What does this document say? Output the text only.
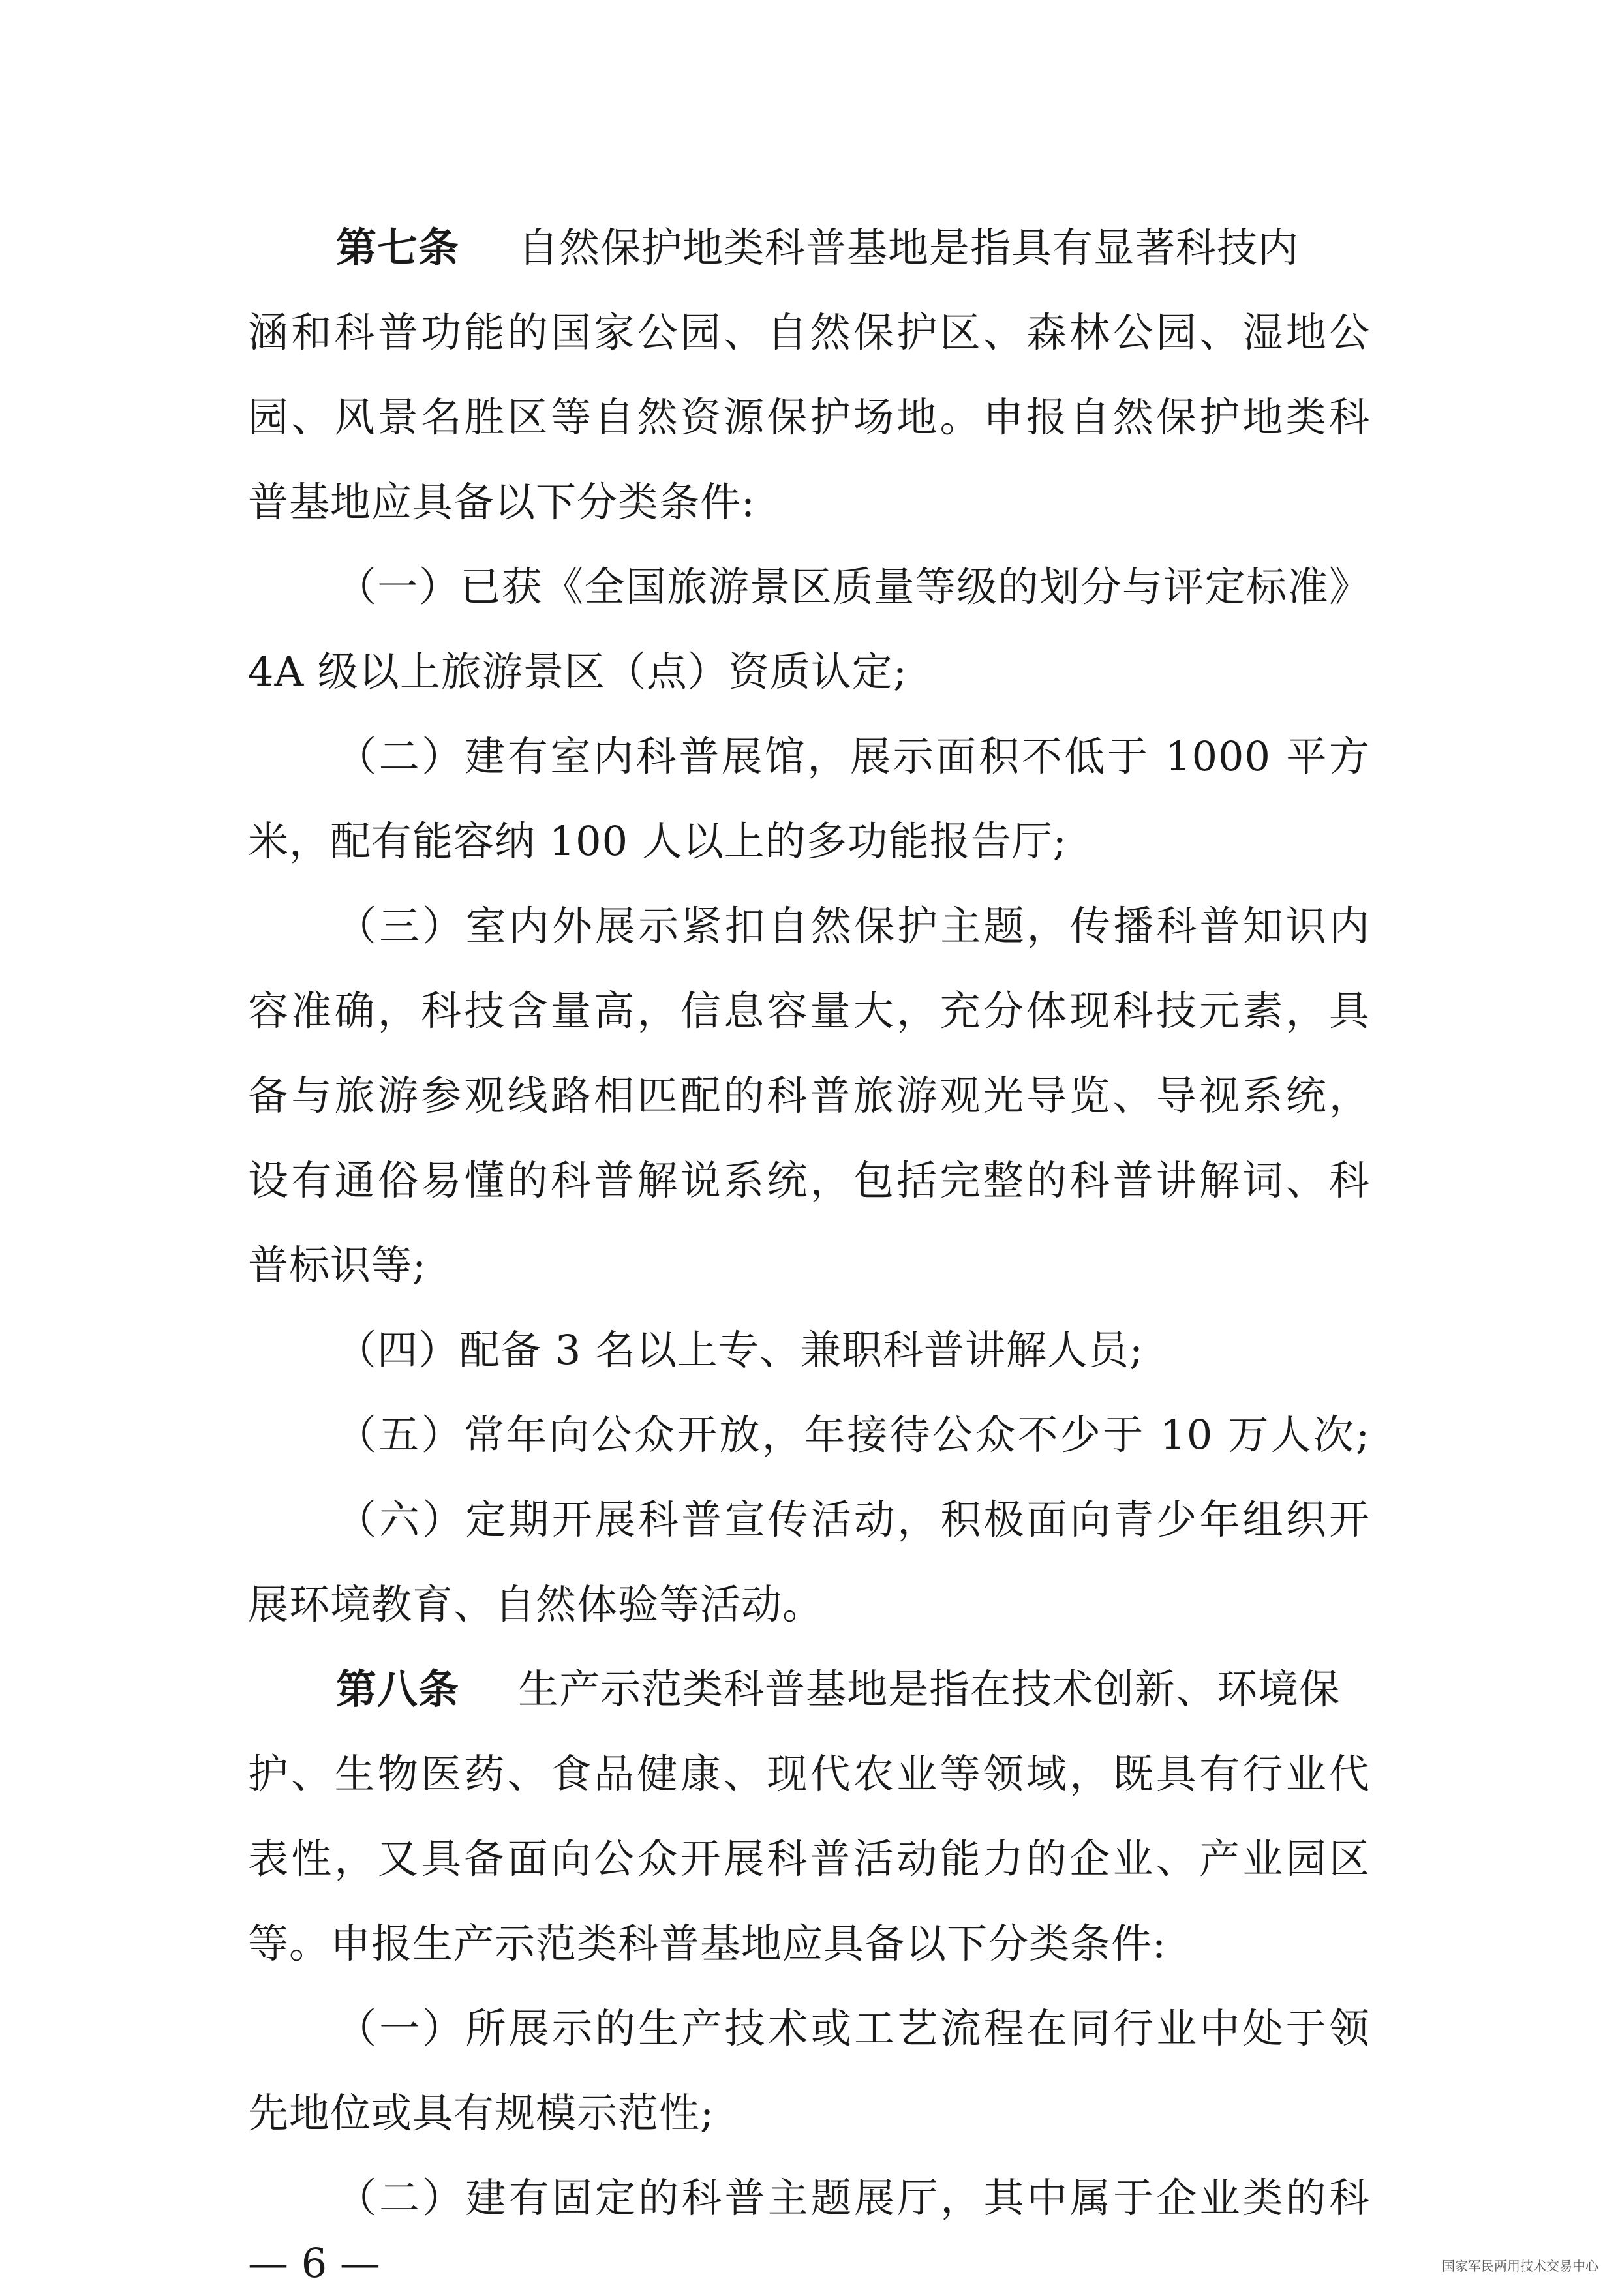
第七条 自然保护地类科普基地是指具有显著科技内
涵和科普功能的国家公园、自然保护区、森林公园、湿地公
园、风景名胜区等自然资源保护场地。申报自然保护地类科
普基地应具备以下分类条件:
（一）已获《全国旅游景区质量等级的划分与评定标准》
4A 级以上旅游景区（点）资质认定;
（二）建有室内科普展馆，展示面积不低于 1000 平方
米，配有能容纳 100 人以上的多功能报告厅;
（三）室内外展示紧扣自然保护主题，传播科普知识内
容准确，科技含量高，信息容量大，充分体现科技元素，具
备与旅游参观线路相匹配的科普旅游观光导览、导视系统，
设有通俗易懂的科普解说系统，包括完整的科普讲解词、科
普标识等;
（四）配备 3 名以上专、兼职科普讲解人员;
（五）常年向公众开放，年接待公众不少于 10 万人次;
（六）定期开展科普宣传活动，积极面向青少年组织开
展环境教育、自然体验等活动。
第八条 生产示范类科普基地是指在技术创新、环境保
护、生物医药、食品健康、现代农业等领域，既具有行业代
表性，又具备面向公众开展科普活动能力的企业、产业园区
等。申报生产示范类科普基地应具备以下分类条件:
（一）所展示的生产技术或工艺流程在同行业中处于领
先地位或具有规模示范性;
（二）建有固定的科普主题展厅，其中属于企业类的科
— 6 —	国家军民两用技术交易中心
